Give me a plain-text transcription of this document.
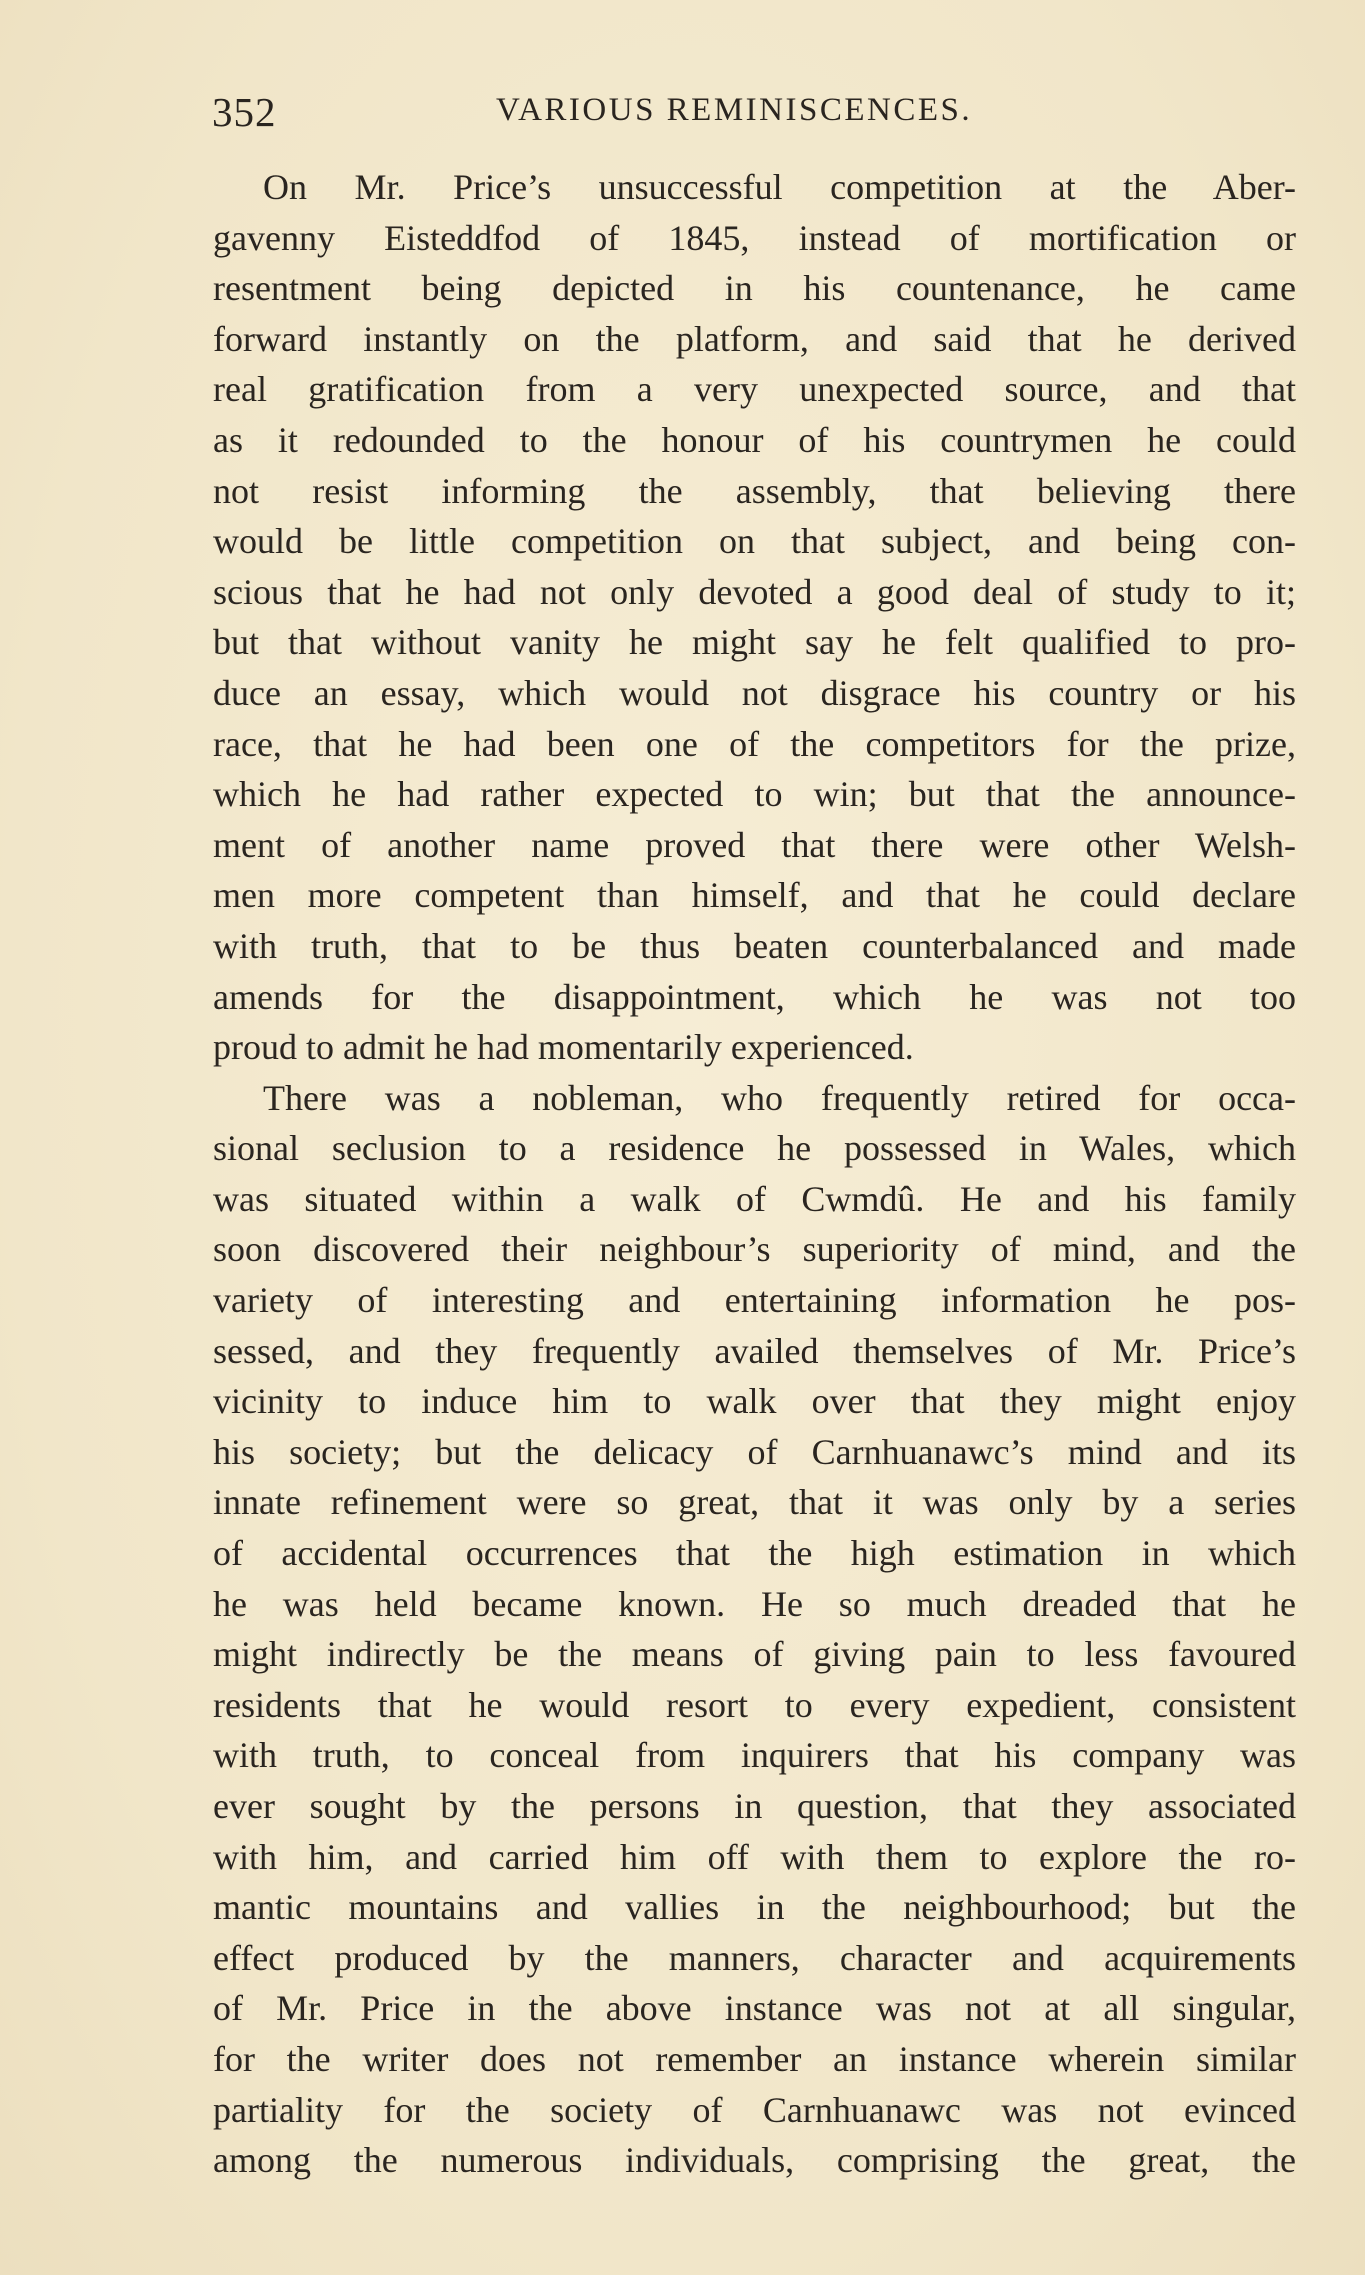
352	VARIOUS REMINISCENCES.
On Mr. Price’s unsuccessful competition at the Aber-
gavenny Eisteddfod of 1845, instead of mortification or
resentment being depicted in his countenance, he came
forward instantly on the platform, and said that he derived
real gratification from a very unexpected source, and that
as it redounded to the honour of his countrymen he could
not resist informing the assembly, that believing there
would be little competition on that subject, and being con-
scious that he had not only devoted a good deal of study to it;
but that without vanity he might say he felt qualified to pro-
duce an essay, which would not disgrace his country or his
race, that he had been one of the competitors for the prize,
which he had rather expected to win; but that the announce-
ment of another name proved that there were other Welsh-
men more competent than himself, and that he could declare
with truth, that to be thus beaten counterbalanced and made
amends for the disappointment, which he was not too
proud to admit he had momentarily experienced.
There was a nobleman, who frequently retired for occa-
sional seclusion to a residence he possessed in Wales, which
was situated within a walk of Cwmdû. He and his family
soon discovered their neighbour’s superiority of mind, and the
variety of interesting and entertaining information he pos-
sessed, and they frequently availed themselves of Mr. Price’s
vicinity to induce him to walk over that they might enjoy
his society; but the delicacy of Carnhuanawc’s mind and its
innate refinement were so great, that it was only by a series
of accidental occurrences that the high estimation in which
he was held became known. He so much dreaded that he
might indirectly be the means of giving pain to less favoured
residents that he would resort to every expedient, consistent
with truth, to conceal from inquirers that his company was
ever sought by the persons in question, that they associated
with him, and carried him off with them to explore the ro-
mantic mountains and vallies in the neighbourhood; but the
effect produced by the manners, character and acquirements
of Mr. Price in the above instance was not at all singular,
for the writer does not remember an instance wherein similar
partiality for the society of Carnhuanawc was not evinced
among the numerous individuals, comprising the great, the
